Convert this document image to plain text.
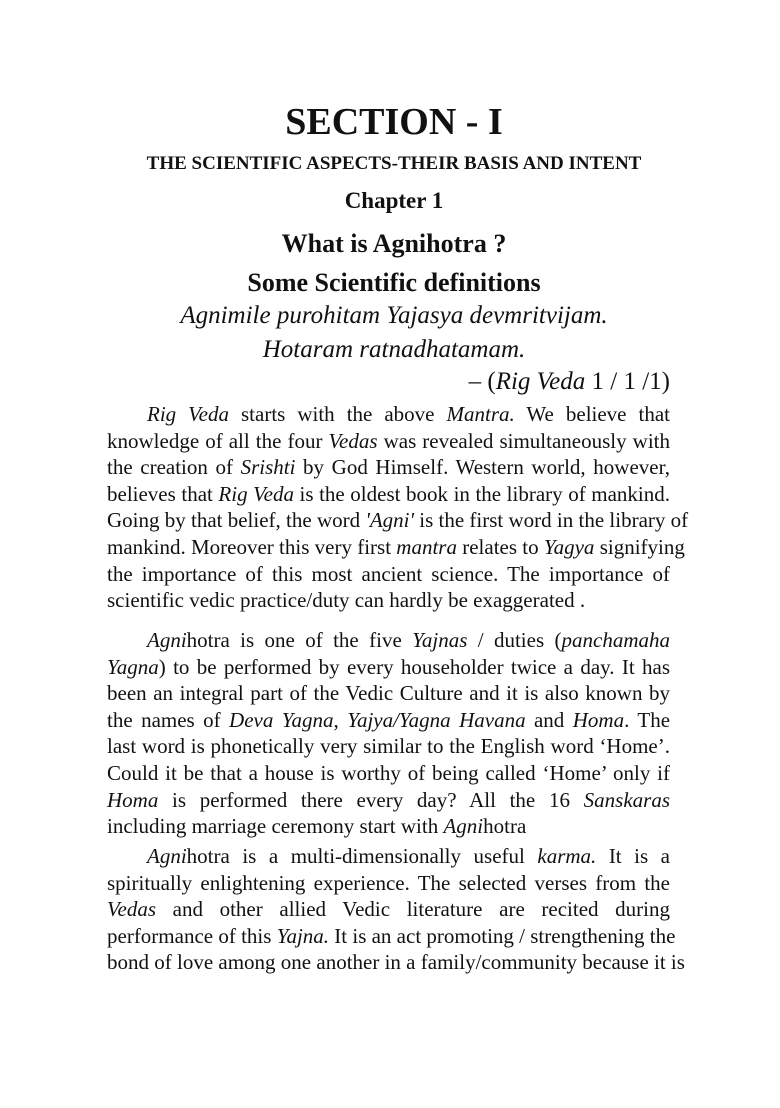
SECTION - I
THE SCIENTIFIC ASPECTS-THEIR BASIS AND INTENT
Chapter 1
What is Agnihotra ?
Some Scientific definitions
Agnimile purohitam Yajasya devmritvijam.
Hotaram ratnadhatamam.
– (Rig Veda 1 / 1 /1)
Rig Veda starts with the above Mantra. We believe that
knowledge of all the four Vedas was revealed simultaneously with
the creation of Srishti by God Himself. Western world, however,
believes that Rig Veda is the oldest book in the library of mankind.
Going by that belief, the word 'Agni' is the first word in the library of
mankind. Moreover this very first mantra relates to Yagya signifying
the importance of this most ancient science. The importance of
scientific vedic practice/duty can hardly be exaggerated .
Agnihotra is one of the five Yajnas / duties (panchamaha
Yagna) to be performed by every householder twice a day. It has
been an integral part of the Vedic Culture and it is also known by
the names of Deva Yagna, Yajya/Yagna Havana and Homa. The
last word is phonetically very similar to the English word ‘Home’.
Could it be that a house is worthy of being called ‘Home’ only if
Homa is performed there every day? All the 16 Sanskaras
including marriage ceremony start with Agnihotra
Agnihotra is a multi-dimensionally useful karma. It is a
spiritually enlightening experience. The selected verses from the
Vedas and other allied Vedic literature are recited during
performance of this Yajna. It is an act promoting / strengthening the
bond of love among one another in a family/community because it is
